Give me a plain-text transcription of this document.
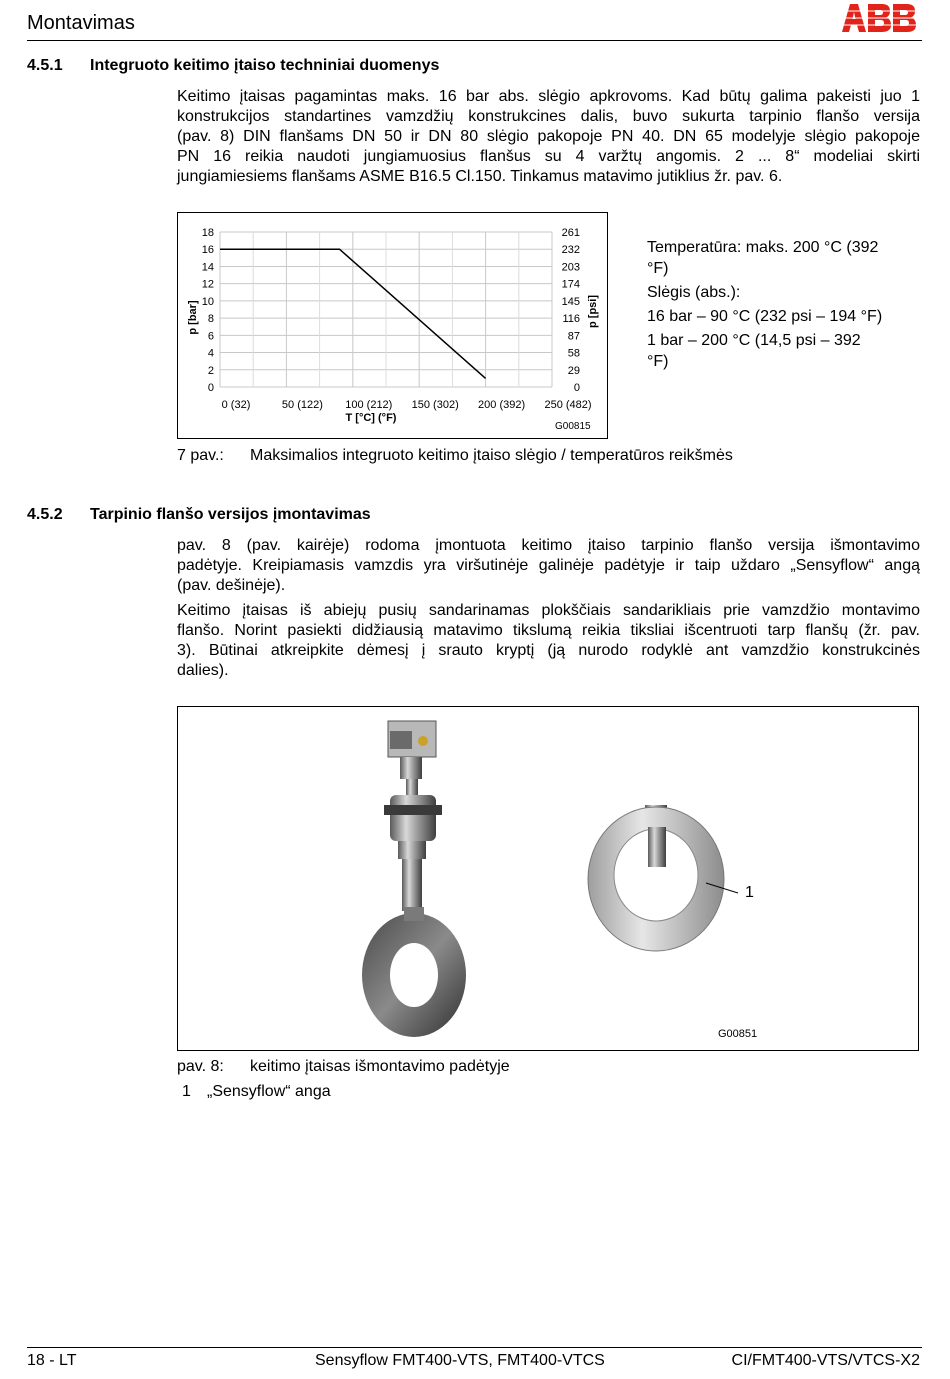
Montavimas
4.5.1 Integruoto keitimo įtaiso techniniai duomenys
Keitimo įtaisas pagamintas maks. 16 bar abs. slėgio apkrovoms. Kad būtų galima pakeisti juo 1
konstrukcijos standartines vamzdžių konstrukcines dalis, buvo sukurta tarpinio flanšo versija
(pav. 8) DIN flanšams DN 50 ir DN 80 slėgio pakopoje PN 40. DN 65 modelyje slėgio pakopoje
PN 16 reikia naudoti jungiamuosius flanšus su 4 varžtų angomis. 2 ... 8“ modeliai skirti
jungiamiesiems flanšams ASME B16.5 Cl.150. Tinkamus matavimo jutiklius žr. pav. 6.
18	261
16	232
14	203
12	174
10	145
8	116
6	87
4	58
2	29
0	0
0 (32)	50 (122) 100 (212) 150 (302) 200 (392) 250 (482)
T [°C] (°F)
p [bar]	p [psi]
G00815
Temperatūra: maks. 200 °C (392
°F)
Slėgis (abs.):
16 bar – 90 °C (232 psi – 194 °F)
1 bar – 200 °C (14,5 psi – 392
°F)
7 pav.: Maksimalios integruoto keitimo įtaiso slėgio / temperatūros reikšmės
4.5.2 Tarpinio flanšo versijos įmontavimas
pav. 8 (pav. kairėje) rodoma įmontuota keitimo įtaiso tarpinio flanšo versija išmontavimo
padėtyje. Kreipiamasis vamzdis yra viršutinėje galinėje padėtyje ir taip uždaro „Sensyflow“ angą
(pav. dešinėje).
Keitimo įtaisas iš abiejų pusių sandarinamas plokščiais sandarikliais prie vamzdžio montavimo
flanšo. Norint pasiekti didžiausią matavimo tikslumą reikia tiksliai išcentruoti tarp flanšų (žr. pav.
3). Būtinai atkreipkite dėmesį į srauto kryptį (ją nurodo rodyklė ant vamzdžio konstrukcinės
dalies).
1
G00851
pav. 8: keitimo įtaisas išmontavimo padėtyje
1 „Sensyflow“ anga
18 - LT	Sensyflow FMT400-VTS, FMT400-VTCS	CI/FMT400-VTS/VTCS-X2
